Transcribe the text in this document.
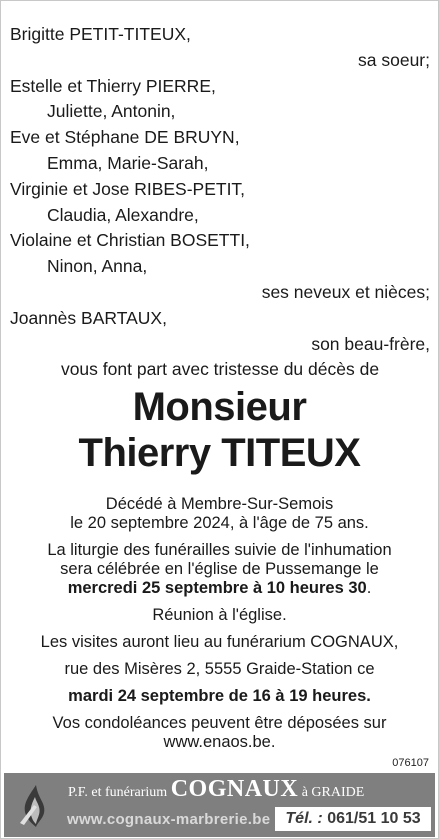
Brigitte PETIT-TITEUX,
sa soeur;
Estelle et Thierry PIERRE,
Juliette, Antonin,
Eve et Stéphane DE BRUYN,
Emma, Marie-Sarah,
Virginie et Jose RIBES-PETIT,
Claudia, Alexandre,
Violaine et Christian BOSETTI,
Ninon, Anna,
ses neveux et nièces;
Joannès BARTAUX,
son beau-frère,
vous font part avec tristesse du décès de
Monsieur
Thierry TITEUX

Décédé à Membre-Sur-Semois

le 20 septembre 2024, à l'âge de 75 ans.

La liturgie des funérailles suivie de l'inhumation

sera célébrée en l'église de Pussemange le

mercredi 25 septembre à 10 heures 30.

Réunion à l'église.

Les visites auront lieu au funérarium COGNAUX,

rue des Misères 2, 5555 Graide-Station ce

mardi 24 septembre de 16 à 19 heures.

Vos condoléances peuvent être déposées sur

www.enaos.be.

076107
P.F. et funérarium COGNAUX à GRAIDE
www.cognaux-marbrerie.be Tél. : 061/51 10 53
